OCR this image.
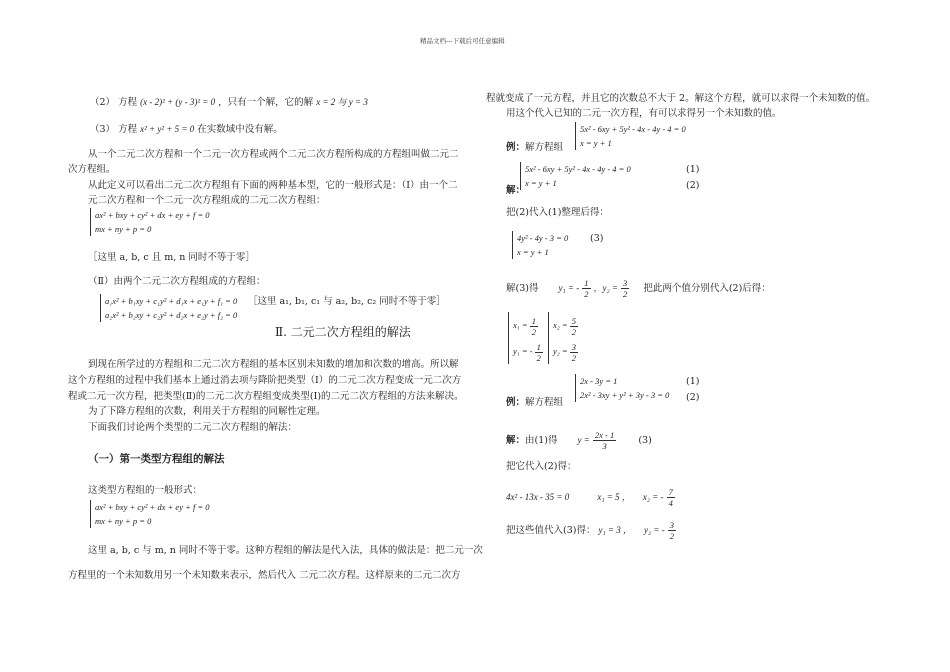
精品文档---下载后可任意编辑
（2） 方程 (x - 2)² + (y - 3)² = 0 ，只有一个解，它的解 x = 2 与 y = 3
（3） 方程 x² + y² + 5 = 0 在实数域中没有解。
从一个二元二次方程和一个二元一次方程或两个二元二次方程所构成的方程组叫做二元二
次方程组。
从此定义可以看出二元二次方程组有下面的两种基本型，它的一般形式是：（Ⅰ）由一个二
元二次方程和一个二元一次方程组成的二元二次方程组：
ax² + bxy + cy² + dx + ey + f = 0
mx + ny + p = 0
［这里 a, b, c 且 m, n 同时不等于零］
（Ⅱ）由两个二元二次方程组成的方程组：
a₁x² + b₁xy + c₁y² + d₁x + e₁y + f₁ = 0
a₂x² + b₂xy + c₂y² + d₂x + e₂y + f₂ = 0
［这里 a₁, b₁, c₁ 与 a₂, b₂, c₂ 同时不等于零］
Ⅱ. 二元二次方程组的解法
到现在所学过的方程组和二元二次方程组的基本区别未知数的增加和次数的增高。所以解
这个方程组的过程中我们基本上通过消去项与降阶把类型（Ⅰ）的二元二次方程变成一元二次方
程或二元一次方程，把类型(Ⅱ)的二元二次方程组变成类型(Ⅰ)的二元二次方程组的方法来解决。
为了下降方程组的次数，利用关于方程组的同解性定理。
下面我们讨论两个类型的二元二次方程组的解法：
（一）第一类型方程组的解法
这类型方程组的一般形式：
ax² + bxy + cy² + dx + ey + f = 0
mx + ny + p = 0
这里 a, b, c 与 m, n 同时不等于零。这种方程组的解法是代入法，具体的做法是：把二元一次
方程里的一个未知数用另一个未知数来表示，然后代入 二元二次方程。这样原来的二元二次方
程就变成了一元方程，并且它的次数总不大于 2。解这个方程，就可以求得一个未知数的值。
用这个代入已知的二元一次方程，有可以求得另一个未知数的值。
例：解方程组
5x² - 6xy + 5y² - 4x - 4y - 4 = 0
x = y + 1
解：
5x² - 6xy + 5y² - 4x - 4y - 4 = 0
x = y + 1
(1)
(2)
把(2)代入(1)整理后得：
4y² - 4y - 3 = 0
x = y + 1
(3)
解(3)得 y₁ = - $\frac{1}{2}$ ，$y_2 = \frac{3}{2}$ 把此两个值分别代入(2)后得：
$x_1 = \frac{1}{2}$
y₁ = - $\frac{1}{2}$
$x_2 = \frac{5}{2}$
$y_2 = \frac{3}{2}$
例：解方程组
2x - 3y = 1
2x² - 3xy + y² + 3y - 3 = 0
(1)
(2)
解：由(1)得 $y = \frac{2x - 1}{3} (3)$
把它代入(2)得：
4x² - 13x - 35 = 0	x₁ = 5 ， x₂ = - $\frac{7}{4}$
把这些值代入(3)得： y₁ = 3 ， y₂ = - $\frac{3}{2}$
